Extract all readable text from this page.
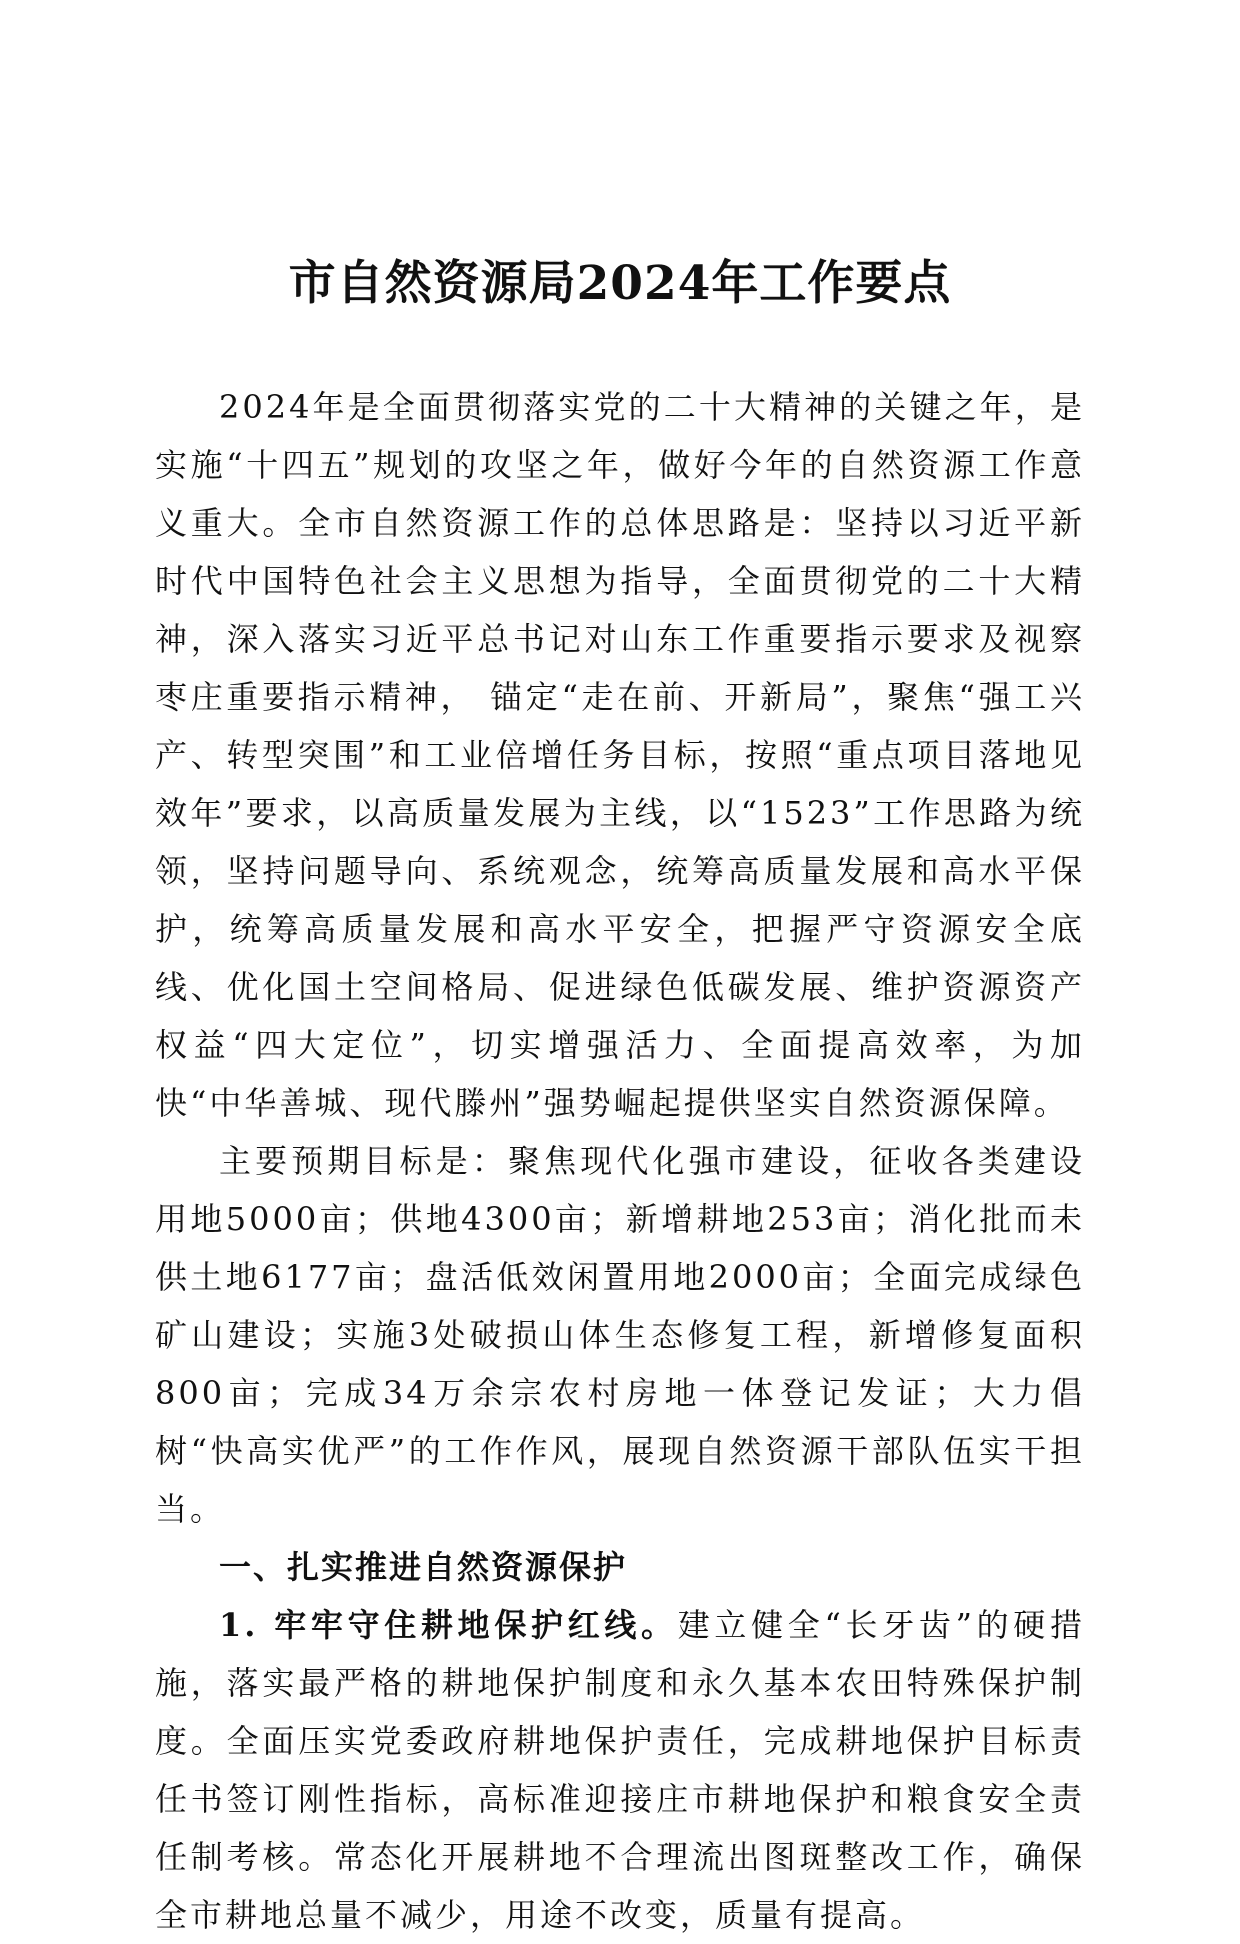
市自然资源局2024年工作要点

2024年是全面贯彻落实党的二十大精神的关键之年，是实施“十四五”规划的攻坚之年，做好今年的自然资源工作意义重大。全市自然资源工作的总体思路是：坚持以习近平新时代中国特色社会主义思想为指导，全面贯彻党的二十大精神，深入落实习近平总书记对山东工作重要指示要求及视察枣庄重要指示精神， 锚定“走在前、开新局”，聚焦“强工兴产、转型突围”和工业倍增任务目标，按照“重点项目落地见效年”要求，以高质量发展为主线，以“1523”工作思路为统领，坚持问题导向、系统观念，统筹高质量发展和高水平保护，统筹高质量发展和高水平安全，把握严守资源安全底线、优化国土空间格局、促进绿色低碳发展、维护资源资产权益“四大定位”，切实增强活力、全面提高效率，为加快“中华善城、现代滕州”强势崛起提供坚实自然资源保障。

主要预期目标是：聚焦现代化强市建设，征收各类建设用地5000亩；供地4300亩；新增耕地253亩；消化批而未供土地6177亩；盘活低效闲置用地2000亩；全面完成绿色矿山建设；实施3处破损山体生态修复工程，新增修复面积800亩；完成34万余宗农村房地一体登记发证；大力倡树“快高实优严”的工作作风，展现自然资源干部队伍实干担当。

一、扎实推进自然资源保护

1. 牢牢守住耕地保护红线。建立健全“长牙齿”的硬措施，落实最严格的耕地保护制度和永久基本农田特殊保护制度。全面压实党委政府耕地保护责任，完成耕地保护目标责任书签订刚性指标，高标准迎接庄市耕地保护和粮食安全责任制考核。常态化开展耕地不合理流出图斑整改工作，确保全市耕地总量不减少，用途不改变，质量有提高。
